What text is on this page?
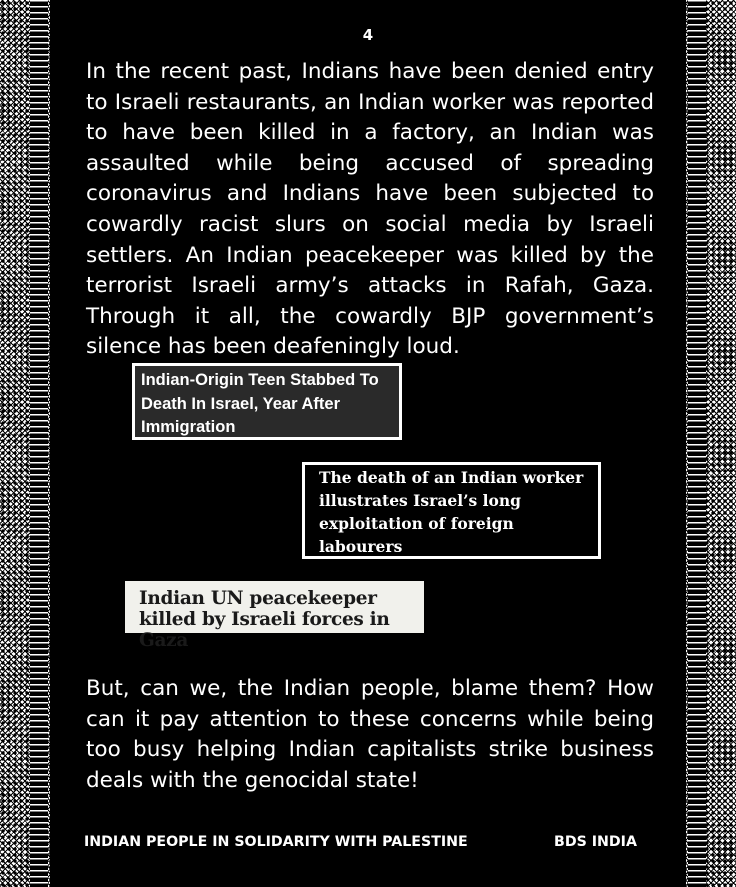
4

In the recent past, Indians have been denied entry to Israeli restaurants, an Indian worker was reported to have been killed in a factory, an Indian was assaulted while being accused of spreading coronavirus and Indians have been subjected to cowardly racist slurs on social media by Israeli settlers. An Indian peacekeeper was killed by the terrorist Israeli army’s attacks in Rafah, Gaza. Through it all, the cowardly BJP government’s silence has been deafeningly loud.

Indian-Origin Teen Stabbed To Death In Israel, Year After Immigration
The death of an Indian worker illustrates Israel’s long exploitation of foreign labourers
Indian UN peacekeeper killed by Israeli forces in Gaza

But, can we, the Indian people, blame them? How can it pay attention to these concerns while being too busy helping Indian capitalists strike business deals with the genocidal state!

INDIAN PEOPLE IN SOLIDARITY WITH PALESTINE	BDS INDIA
